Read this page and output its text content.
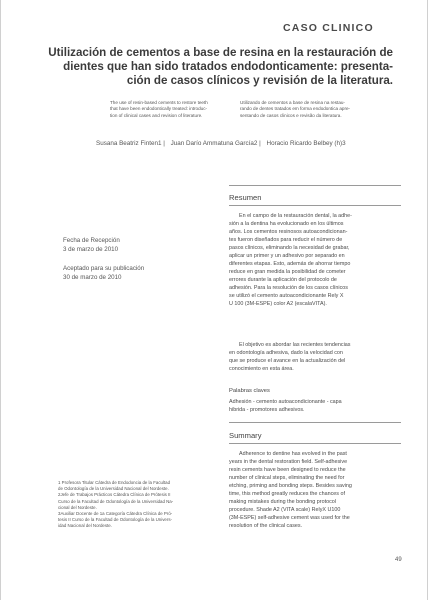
CASO CLINICO
Utilización de cementos a base de resina en la restauración de
dientes que han sido tratados endodonticamente: presenta-
ción de casos clínicos y revisión de la literatura.
The use of resin-based cements to restore teeth
that have been endodontically treated: introduc-
tion of clinical cases and revision of literature.
Utilizando de cementos a base de resina na restau-
rando de dentes tratados em forma endodontica apre-
sentando de casos clinicos e revisão da literatura.
Susana Beatriz Finten1 | Juan Darío Ammatuna García2 | Horacio Ricardo Belbey (h)3
Resumen
En el campo de la restauración dental, la adhe-
sión a la dentina ha evolucionado en los últimos
años. Los cementos resinosos autoacondicionan-
tes fueron diseñados para reducir el número de
pasos clínicos, eliminando la necesidad de grabar,
aplicar un primer y un adhesivo por separado en
diferentes etapas. Esto, además de ahorrar tiempo
reduce en gran medida la posibilidad de cometer
errores durante la aplicación del protocolo de
adhesión. Para la resolución de los casos clínicos
se utilizó el cemento autoacondicionante Rely X
U 100 (3M-ESPE) color A2 (escalaVITA).
El objetivo es abordar las recientes tendencias
en odontología adhesiva, dado la velocidad con
que se produce el avance en la actualización del
conocimiento en esta área.
Palabras claves
Adhesión - cemento autoacondicionante - capa
hibrida - promotores adhesivos.
Summary
Adherence to dentine has evolved in the past
years in the dental restoration field. Self-adhesive
resin cements have been designed to reduce the
number of clinical steps, eliminating the need for
etching, priming and bonding steps. Besides saving
time, this method greatly reduces the chances of
making mistakes during the bonding protocol
procedure. Shade A2 (VITA scale) RelyX U100
(3M-ESPE) self-adhesive cement was used for the
resolution of the clinical cases.
Fecha de Recepción
3 de marzo de 2010
Aceptado para su publicación
30 de marzo de 2010
1 Profesora Titular Cátedra de Endodoncia de la Facultad
de Odontología de la Universidad Nacional del Nordeste.
2Jefe de Trabajos Prácticos Cátedra Clínica de Prótesis II
Curso de la Facultad de Odontología de la Universidad Na-
cional del Nordeste.
3Auxiliar Docente de 1a Categoría Cátedra Clínica de Pró-
tesis II Curso de la Facultad de Odontología de la Univers-
idad Nacional del Nordeste.
49
